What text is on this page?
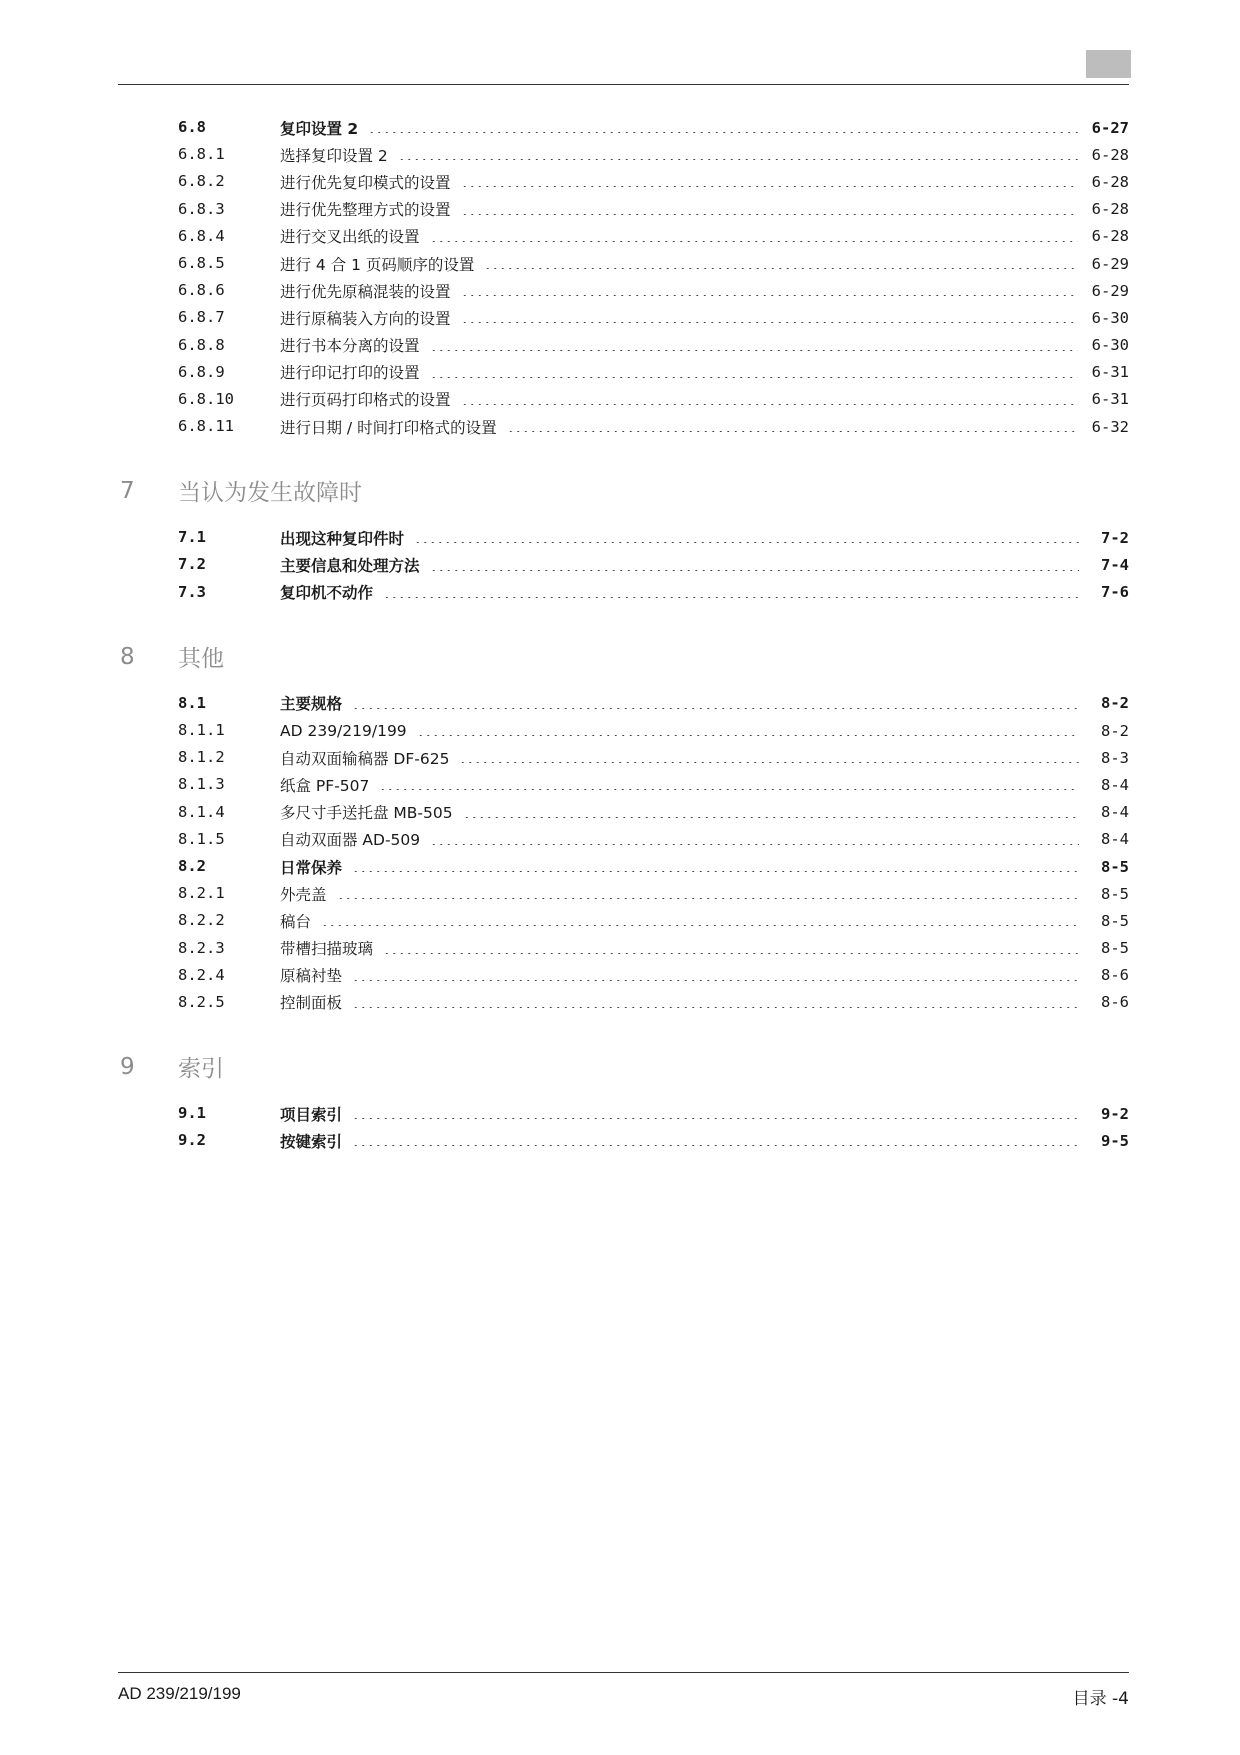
6.8	复印设置 2	6-27
6.8.1	选择复印设置 2	6-28
6.8.2	进行优先复印模式的设置	6-28
6.8.3	进行优先整理方式的设置	6-28
6.8.4	进行交叉出纸的设置	6-28
6.8.5	进行 4 合 1 页码顺序的设置	6-29
6.8.6	进行优先原稿混装的设置	6-29
6.8.7	进行原稿装入方向的设置	6-30
6.8.8	进行书本分离的设置	6-30
6.8.9	进行印记打印的设置	6-31
6.8.10	进行页码打印格式的设置	6-31
6.8.11	进行日期 / 时间打印格式的设置	6-32
7 当认为发生故障时
7.1	出现这种复印件时	7-2
7.2	主要信息和处理方法	7-4
7.3	复印机不动作	7-6
8 其他
8.1	主要规格	8-2
8.1.1	AD 239/219/199	8-2
8.1.2	自动双面输稿器 DF-625	8-3
8.1.3	纸盒 PF-507	8-4
8.1.4	多尺寸手送托盘 MB-505	8-4
8.1.5	自动双面器 AD-509	8-4
8.2	日常保养	8-5
8.2.1	外壳盖	8-5
8.2.2	稿台	8-5
8.2.3	带槽扫描玻璃	8-5
8.2.4	原稿衬垫	8-6
8.2.5	控制面板	8-6
9 索引
9.1	项目索引	9-2
9.2	按键索引	9-5
AD 239/219/199	目录 -4
